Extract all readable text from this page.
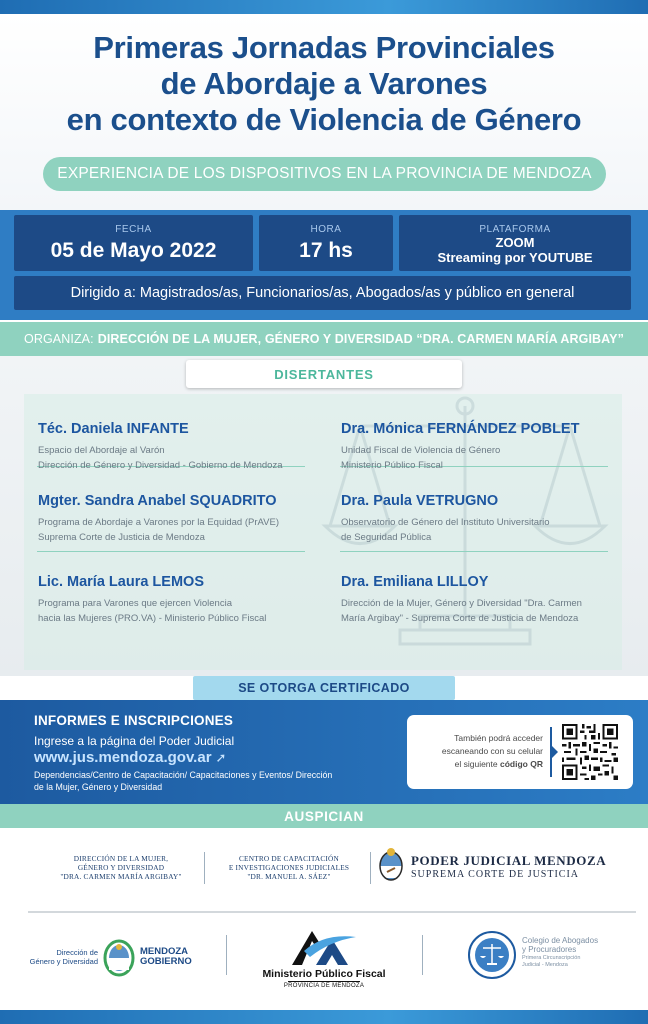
Primeras Jornadas Provinciales
de Abordaje a Varones
en contexto de Violencia de Género
EXPERIENCIA DE LOS DISPOSITIVOS EN LA PROVINCIA DE MENDOZA
FECHA
05 de Mayo 2022
HORA
17 hs
PLATAFORMA
ZOOM
Streaming por YOUTUBE
Dirigido a: Magistrados/as, Funcionarios/as, Abogados/as y público en general
ORGANIZA: DIRECCIÓN DE LA MUJER, GÉNERO Y DIVERSIDAD “DRA. CARMEN MARÍA ARGIBAY”
DISERTANTES
Téc. Daniela INFANTE
Espacio del Abordaje al Varón
Dirección de Género y Diversidad - Gobierno de Mendoza
Dra. Mónica FERNÁNDEZ POBLET
Unidad Fiscal de Violencia de Género
Ministerio Público Fiscal
Mgter. Sandra Anabel SQUADRITO
Programa de Abordaje a Varones por la Equidad (PrAVE)
Suprema Corte de Justicia de Mendoza
Dra. Paula VETRUGNO
Observatorio de Género del Instituto Universitario
de Seguridad Pública
Lic. María Laura LEMOS
Programa para Varones que ejercen Violencia
hacia las Mujeres (PRO.VA) - Ministerio Público Fiscal
Dra. Emiliana LILLOY
Dirección de la Mujer, Género y Diversidad "Dra. Carmen
María Argibay" - Suprema Corte de Justicia de Mendoza
SE OTORGA CERTIFICADO
INFORMES E INSCRIPCIONES
Ingrese a la página del Poder Judicial
www.jus.mendoza.gov.ar ➚
Dependencias/Centro de Capacitación/ Capacitaciones y Eventos/ Dirección
de la Mujer, Género y Diversidad
También podrá acceder
escaneando con su celular
el siguiente código QR
AUSPICIAN
DIRECCIÓN DE LA MUJER,
GÉNERO Y DIVERSIDAD
"DRA. CARMEN MARÍA ARGIBAY"
CENTRO DE CAPACITACIÓN
E INVESTIGACIONES JUDICIALES
"DR. MANUEL A. SÁEZ"
PODER JUDICIAL MENDOZA
SUPREMA CORTE DE JUSTICIA
Dirección de
Género y Diversidad
MENDOZA
GOBIERNO
Ministerio Público Fiscal
PROVINCIA DE MENDOZA
Colegio de Abogados
y Procuradores
Primera Circunscripción
Judicial - Mendoza
